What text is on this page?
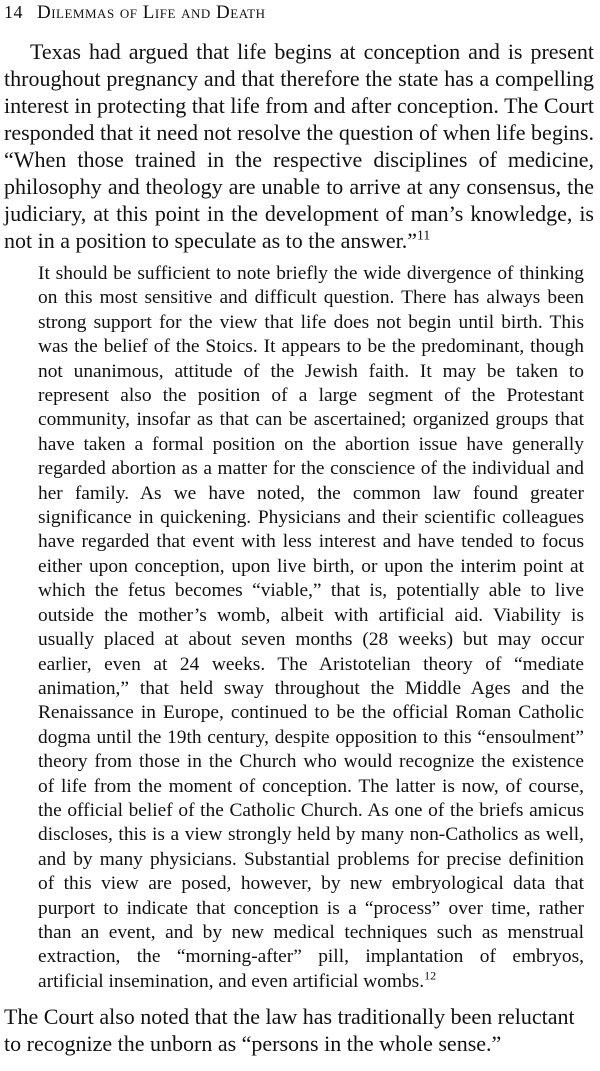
14 Dilemmas of Life and Death

Texas had argued that life begins at conception and is present throughout pregnancy and that therefore the state has a compelling interest in protecting that life from and after conception. The Court responded that it need not resolve the question of when life begins. “When those trained in the respective disciplines of medicine, philosophy and theology are unable to arrive at any consensus, the judiciary, at this point in the development of man’s knowledge, is not in a position to speculate as to the answer.”$^{11}$

It should be sufficient to note briefly the wide divergence of thinking on this most sensitive and difficult question. There has always been strong support for the view that life does not begin until birth. This was the belief of the Stoics. It appears to be the predominant, though not unanimous, attitude of the Jewish faith. It may be taken to represent also the position of a large segment of the Protestant community, insofar as that can be ascertained; organized groups that have taken a formal position on the abortion issue have generally regarded abortion as a matter for the conscience of the individual and her family. As we have noted, the common law found greater significance in quickening. Physicians and their scientific colleagues have regarded that event with less interest and have tended to focus either upon conception, upon live birth, or upon the interim point at which the fetus becomes “viable,” that is, potentially able to live outside the mother’s womb, albeit with artificial aid. Viability is usually placed at about seven months (28 weeks) but may occur earlier, even at 24 weeks. The Aristotelian theory of “mediate animation,” that held sway throughout the Middle Ages and the Renaissance in Europe, continued to be the official Roman Catholic dogma until the 19th century, despite opposition to this “ensoulment” theory from those in the Church who would recognize the existence of life from the moment of conception. The latter is now, of course, the official belief of the Catholic Church. As one of the briefs amicus discloses, this is a view strongly held by many non-Catholics as well, and by many physicians. Substantial problems for precise definition of this view are posed, however, by new embryological data that purport to indicate that conception is a “process” over time, rather than an event, and by new medical techniques such as menstrual extraction, the “morning-after” pill, implantation of embryos, artificial insemination, and even artificial wombs.$^{12}$

The Court also noted that the law has traditionally been reluctant to recognize the unborn as “persons in the whole sense.”
